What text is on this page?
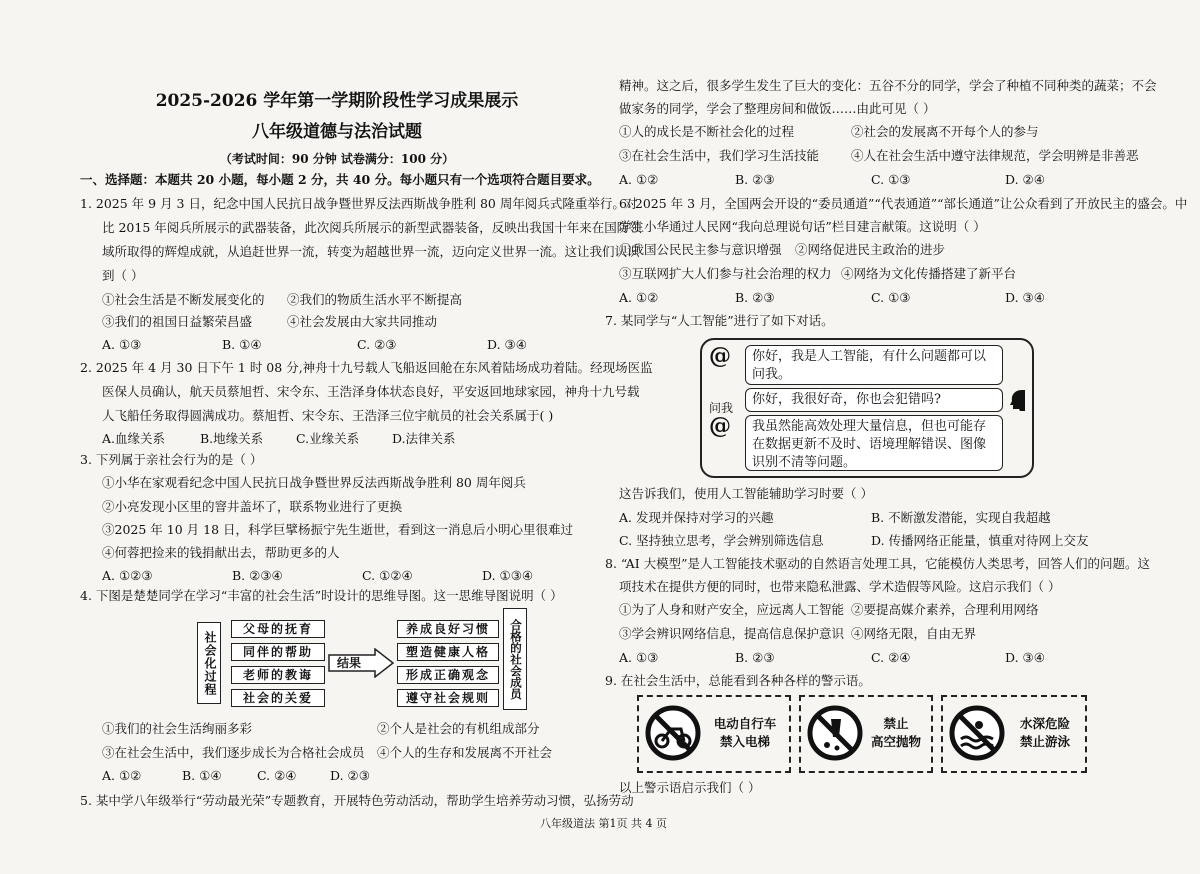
2025-2026 学年第一学期阶段性学习成果展示
八年级道德与法治试题
（考试时间：90 分钟 试卷满分：100 分）
一、选择题：本题共 20 小题，每小题 2 分，共 40 分。每小题只有一个选项符合题目要求。
1. 2025 年 9 月 3 日，纪念中国人民抗日战争暨世界反法西斯战争胜利 80 周年阅兵式隆重举行。对
比 2015 年阅兵所展示的武器装备，此次阅兵所展示的新型武器装备，反映出我国十年来在国防领
域所取得的辉煌成就，从追赶世界一流，转变为超越世界一流，迈向定义世界一流。这让我们认识
到（ ）
①社会生活是不断发展变化的 ②我们的物质生活水平不断提高
③我们的祖国日益繁荣昌盛	④社会发展由大家共同推动
A. ①③	B. ①④	C. ②③	D. ③④
2. 2025 年 4 月 30 日下午 1 时 08 分,神舟十九号载人飞船返回舱在东风着陆场成功着陆。经现场医监
医保人员确认，航天员蔡旭哲、宋令东、王浩泽身体状态良好，平安返回地球家园，神舟十九号载
人飞船任务取得圆满成功。蔡旭哲、宋令东、王浩泽三位宇航员的社会关系属于( )
A.血缘关系	B.地缘关系	C.业缘关系	D.法律关系
3. 下列属于亲社会行为的是（ ）
①小华在家观看纪念中国人民抗日战争暨世界反法西斯战争胜利 80 周年阅兵
②小亮发现小区里的窨井盖坏了，联系物业进行了更换
③2025 年 10 月 18 日，科学巨擘杨振宁先生逝世，看到这一消息后小明心里很难过
④何蓉把捡来的钱捐献出去，帮助更多的人
A. ①②③	B. ②③④	C. ①②④	D. ①③④
4. 下图是楚楚同学在学习“丰富的社会生活”时设计的思维导图。这一思维导图说明（ ）
社会化过程
父母的抚育
同伴的帮助
老师的教诲
社会的关爱
结果
养成良好习惯
塑造健康人格
形成正确观念
遵守社会规则	合格的社会成员
①我们的社会生活绚丽多彩	②个人是社会的有机组成部分
③在社会生活中，我们逐步成长为合格社会成员 ④个人的生存和发展离不开社会
A. ①②	B. ①④	C. ②④	D. ②③
5. 某中学八年级举行“劳动最光荣”专题教育，开展特色劳动活动，帮助学生培养劳动习惯，弘扬劳动
精神。这之后，很多学生发生了巨大的变化：五谷不分的同学，学会了种植不同种类的蔬菜；不会
做家务的同学，学会了整理房间和做饭……由此可见（ ）
①人的成长是不断社会化的过程	②社会的发展离不开每个人的参与
③在社会生活中，我们学习生活技能	④人在社会生活中遵守法律规范，学会明辨是非善恶
A. ①②	B. ②③	C. ①③	D. ②④
6. 2025 年 3 月，全国两会开设的“委员通道”“代表通道”“部长通道”让公众看到了开放民主的盛会。中
学生小华通过人民网“我向总理说句话”栏目建言献策。这说明（ ）
①我国公民民主参与意识增强 ②网络促进民主政治的进步
③互联网扩大人们参与社会治理的权力 ④网络为文化传播搭建了新平台
A. ①②	B. ②③	C. ①③	D. ③④
7. 某同学与“人工智能”进行了如下对话。
@	你好，我是人工智能，有什么问题都可以问我。
你好，我很好奇，你也会犯错吗?
问我
@	我虽然能高效处理大量信息，但也可能存在数据更新不及时、语境理解错误、图像识别不清等问题。
这告诉我们，使用人工智能辅助学习时要（ ）
A. 发现并保持对学习的兴趣	B. 不断激发潜能，实现自我超越
C. 坚持独立思考，学会辨别筛选信息	D. 传播网络正能量，慎重对待网上交友
8. “AI 大模型”是人工智能技术驱动的自然语言处理工具，它能模仿人类思考，回答人们的问题。这
项技术在提供方便的同时，也带来隐私泄露、学术造假等风险。这启示我们（ ）
①为了人身和财产安全，应远离人工智能 ②要提高媒介素养，合理利用网络
③学会辨识网络信息，提高信息保护意识 ④网络无限，自由无界
A. ①③	B. ②③	C. ②④	D. ③④
9. 在社会生活中，总能看到各种各样的警示语。
电动自行车
禁入电梯
禁止
高空抛物
水深危险
禁止游泳
以上警示语启示我们（ ）
八年级道法 第1页 共 4 页
